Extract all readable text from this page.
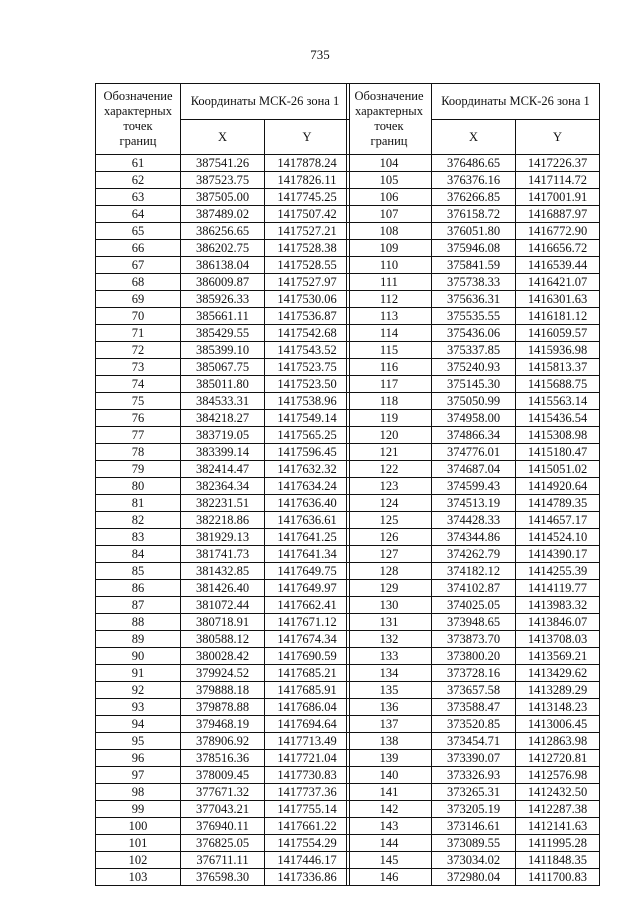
735
Обозначение
характерных
точек
границ	Координаты МСК-26 зона 1	
	X	Y
61	387541.26	1417878.24
62	387523.75	1417826.11
63	387505.00	1417745.25
64	387489.02	1417507.42
65	386256.65	1417527.21
66	386202.75	1417528.38
67	386138.04	1417528.55
68	386009.87	1417527.97
69	385926.33	1417530.06
70	385661.11	1417536.87
71	385429.55	1417542.68
72	385399.10	1417543.52
73	385067.75	1417523.75
74	385011.80	1417523.50
75	384533.31	1417538.96
76	384218.27	1417549.14
77	383719.05	1417565.25
78	383399.14	1417596.45
79	382414.47	1417632.32
80	382364.34	1417634.24
81	382231.51	1417636.40
82	382218.86	1417636.61
83	381929.13	1417641.25
84	381741.73	1417641.34
85	381432.85	1417649.75
86	381426.40	1417649.97
87	381072.44	1417662.41
88	380718.91	1417671.12
89	380588.12	1417674.34
90	380028.42	1417690.59
91	379924.52	1417685.21
92	379888.18	1417685.91
93	379878.88	1417686.04
94	379468.19	1417694.64
95	378906.92	1417713.49
96	378516.36	1417721.04
97	378009.45	1417730.83
98	377671.32	1417737.36
99	377043.21	1417755.14
100	376940.11	1417661.22
101	376825.05	1417554.29
102	376711.11	1417446.17
103	376598.30	1417336.86
Обозначение
характерных
точек
границ	Координаты МСК-26 зона 1	
	X	Y
104	376486.65	1417226.37
105	376376.16	1417114.72
106	376266.85	1417001.91
107	376158.72	1416887.97
108	376051.80	1416772.90
109	375946.08	1416656.72
110	375841.59	1416539.44
111	375738.33	1416421.07
112	375636.31	1416301.63
113	375535.55	1416181.12
114	375436.06	1416059.57
115	375337.85	1415936.98
116	375240.93	1415813.37
117	375145.30	1415688.75
118	375050.99	1415563.14
119	374958.00	1415436.54
120	374866.34	1415308.98
121	374776.01	1415180.47
122	374687.04	1415051.02
123	374599.43	1414920.64
124	374513.19	1414789.35
125	374428.33	1414657.17
126	374344.86	1414524.10
127	374262.79	1414390.17
128	374182.12	1414255.39
129	374102.87	1414119.77
130	374025.05	1413983.32
131	373948.65	1413846.07
132	373873.70	1413708.03
133	373800.20	1413569.21
134	373728.16	1413429.62
135	373657.58	1413289.29
136	373588.47	1413148.23
137	373520.85	1413006.45
138	373454.71	1412863.98
139	373390.07	1412720.81
140	373326.93	1412576.98
141	373265.31	1412432.50
142	373205.19	1412287.38
143	373146.61	1412141.63
144	373089.55	1411995.28
145	373034.02	1411848.35
146	372980.04	1411700.83
